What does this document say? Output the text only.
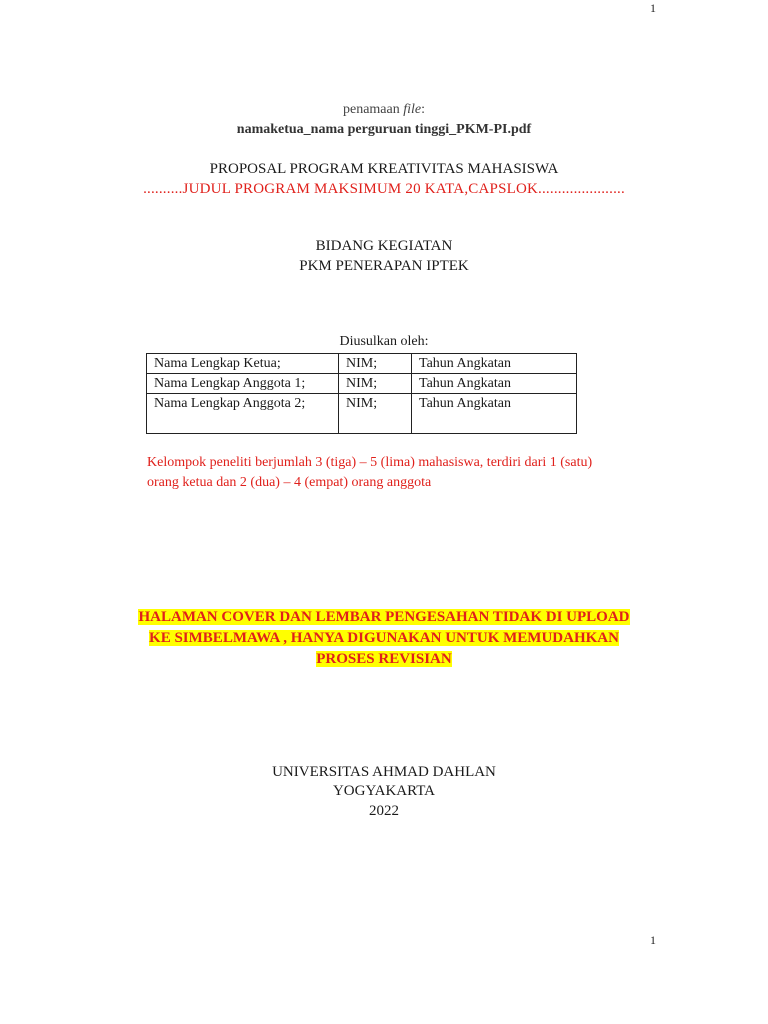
1
penamaan file:
namaketua_nama perguruan tinggi_PKM-PI.pdf
PROPOSAL PROGRAM KREATIVITAS MAHASISWA
..........JUDUL PROGRAM MAKSIMUM 20 KATA,CAPSLOK......................
BIDANG KEGIATAN
PKM PENERAPAN IPTEK
Diusulkan oleh:
Nama Lengkap Ketua;	NIM;	Tahun Angkatan
Nama Lengkap Anggota 1;	NIM;	Tahun Angkatan
Nama Lengkap Anggota 2;	NIM;	Tahun Angkatan
Kelompok peneliti berjumlah 3 (tiga) – 5 (lima) mahasiswa, terdiri dari 1 (satu)
orang ketua dan 2 (dua) – 4 (empat) orang anggota
HALAMAN COVER DAN LEMBAR PENGESAHAN TIDAK DI UPLOAD
KE SIMBELMAWA , HANYA DIGUNAKAN UNTUK MEMUDAHKAN
PROSES REVISIAN
UNIVERSITAS AHMAD DAHLAN
YOGYAKARTA
2022
1
